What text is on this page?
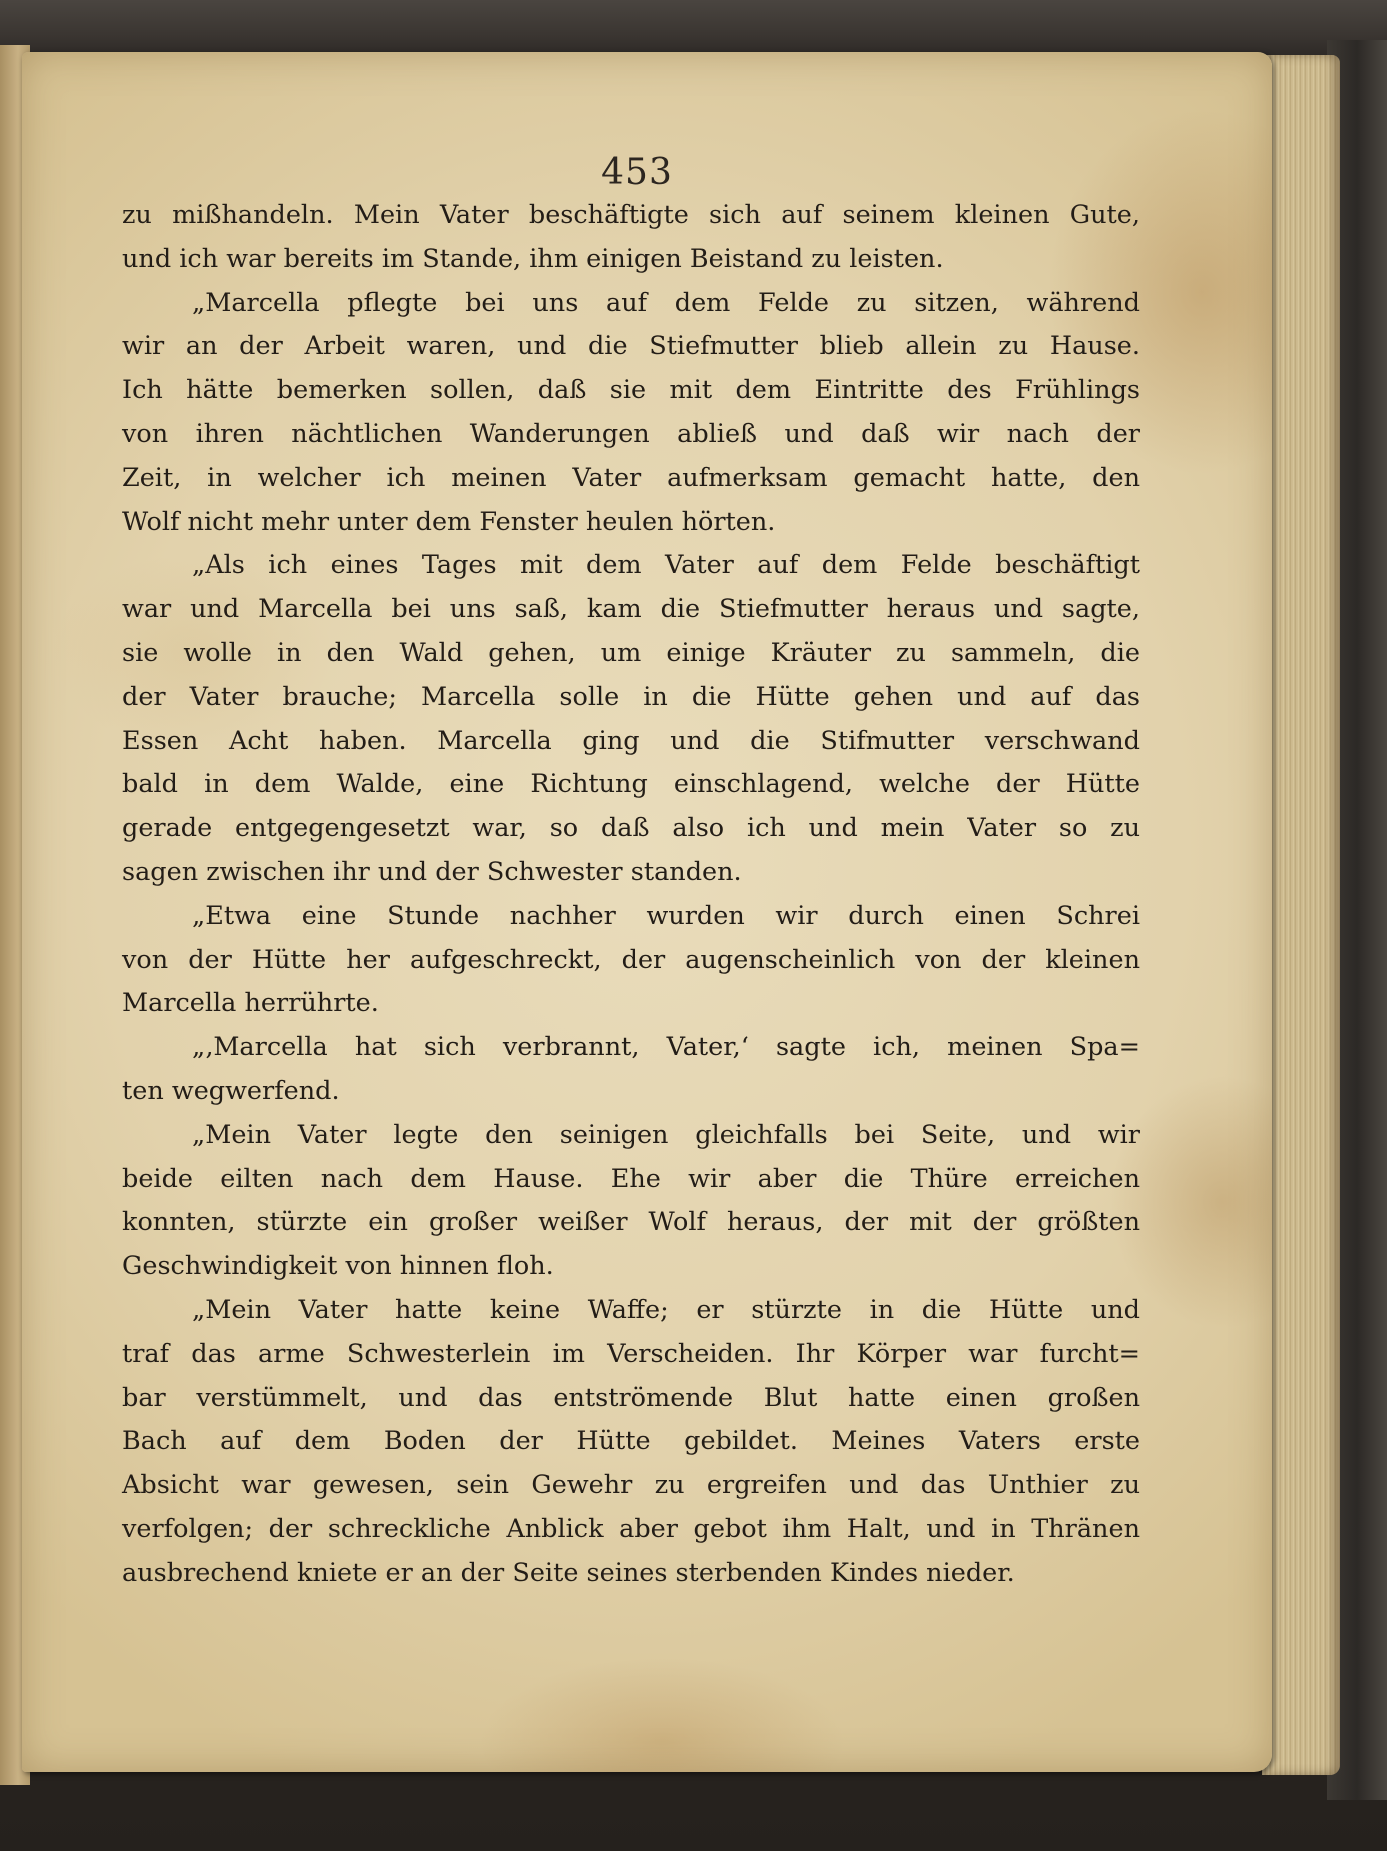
453
zu mißhandeln. Mein Vater beschäftigte sich auf seinem kleinen Gute,
und ich war bereits im Stande, ihm einigen Beistand zu leisten.
„Marcella pflegte bei uns auf dem Felde zu sitzen, während
wir an der Arbeit waren, und die Stiefmutter blieb allein zu Hause.
Ich hätte bemerken sollen, daß sie mit dem Eintritte des Frühlings
von ihren nächtlichen Wanderungen abließ und daß wir nach der
Zeit, in welcher ich meinen Vater aufmerksam gemacht hatte, den
Wolf nicht mehr unter dem Fenster heulen hörten.
„Als ich eines Tages mit dem Vater auf dem Felde beschäftigt
war und Marcella bei uns saß, kam die Stiefmutter heraus und sagte,
sie wolle in den Wald gehen, um einige Kräuter zu sammeln, die
der Vater brauche; Marcella solle in die Hütte gehen und auf das
Essen Acht haben. Marcella ging und die Stifmutter verschwand
bald in dem Walde, eine Richtung einschlagend, welche der Hütte
gerade entgegengesetzt war, so daß also ich und mein Vater so zu
sagen zwischen ihr und der Schwester standen.
„Etwa eine Stunde nachher wurden wir durch einen Schrei
von der Hütte her aufgeschreckt, der augenscheinlich von der kleinen
Marcella herrührte.
„‚Marcella hat sich verbrannt, Vater,‘ sagte ich, meinen Spa=
ten wegwerfend.
„Mein Vater legte den seinigen gleichfalls bei Seite, und wir
beide eilten nach dem Hause. Ehe wir aber die Thüre erreichen
konnten, stürzte ein großer weißer Wolf heraus, der mit der größten
Geschwindigkeit von hinnen floh.
„Mein Vater hatte keine Waffe; er stürzte in die Hütte und
traf das arme Schwesterlein im Verscheiden. Ihr Körper war furcht=
bar verstümmelt, und das entströmende Blut hatte einen großen
Bach auf dem Boden der Hütte gebildet. Meines Vaters erste
Absicht war gewesen, sein Gewehr zu ergreifen und das Unthier zu
verfolgen; der schreckliche Anblick aber gebot ihm Halt, und in Thränen
ausbrechend kniete er an der Seite seines sterbenden Kindes nieder.
